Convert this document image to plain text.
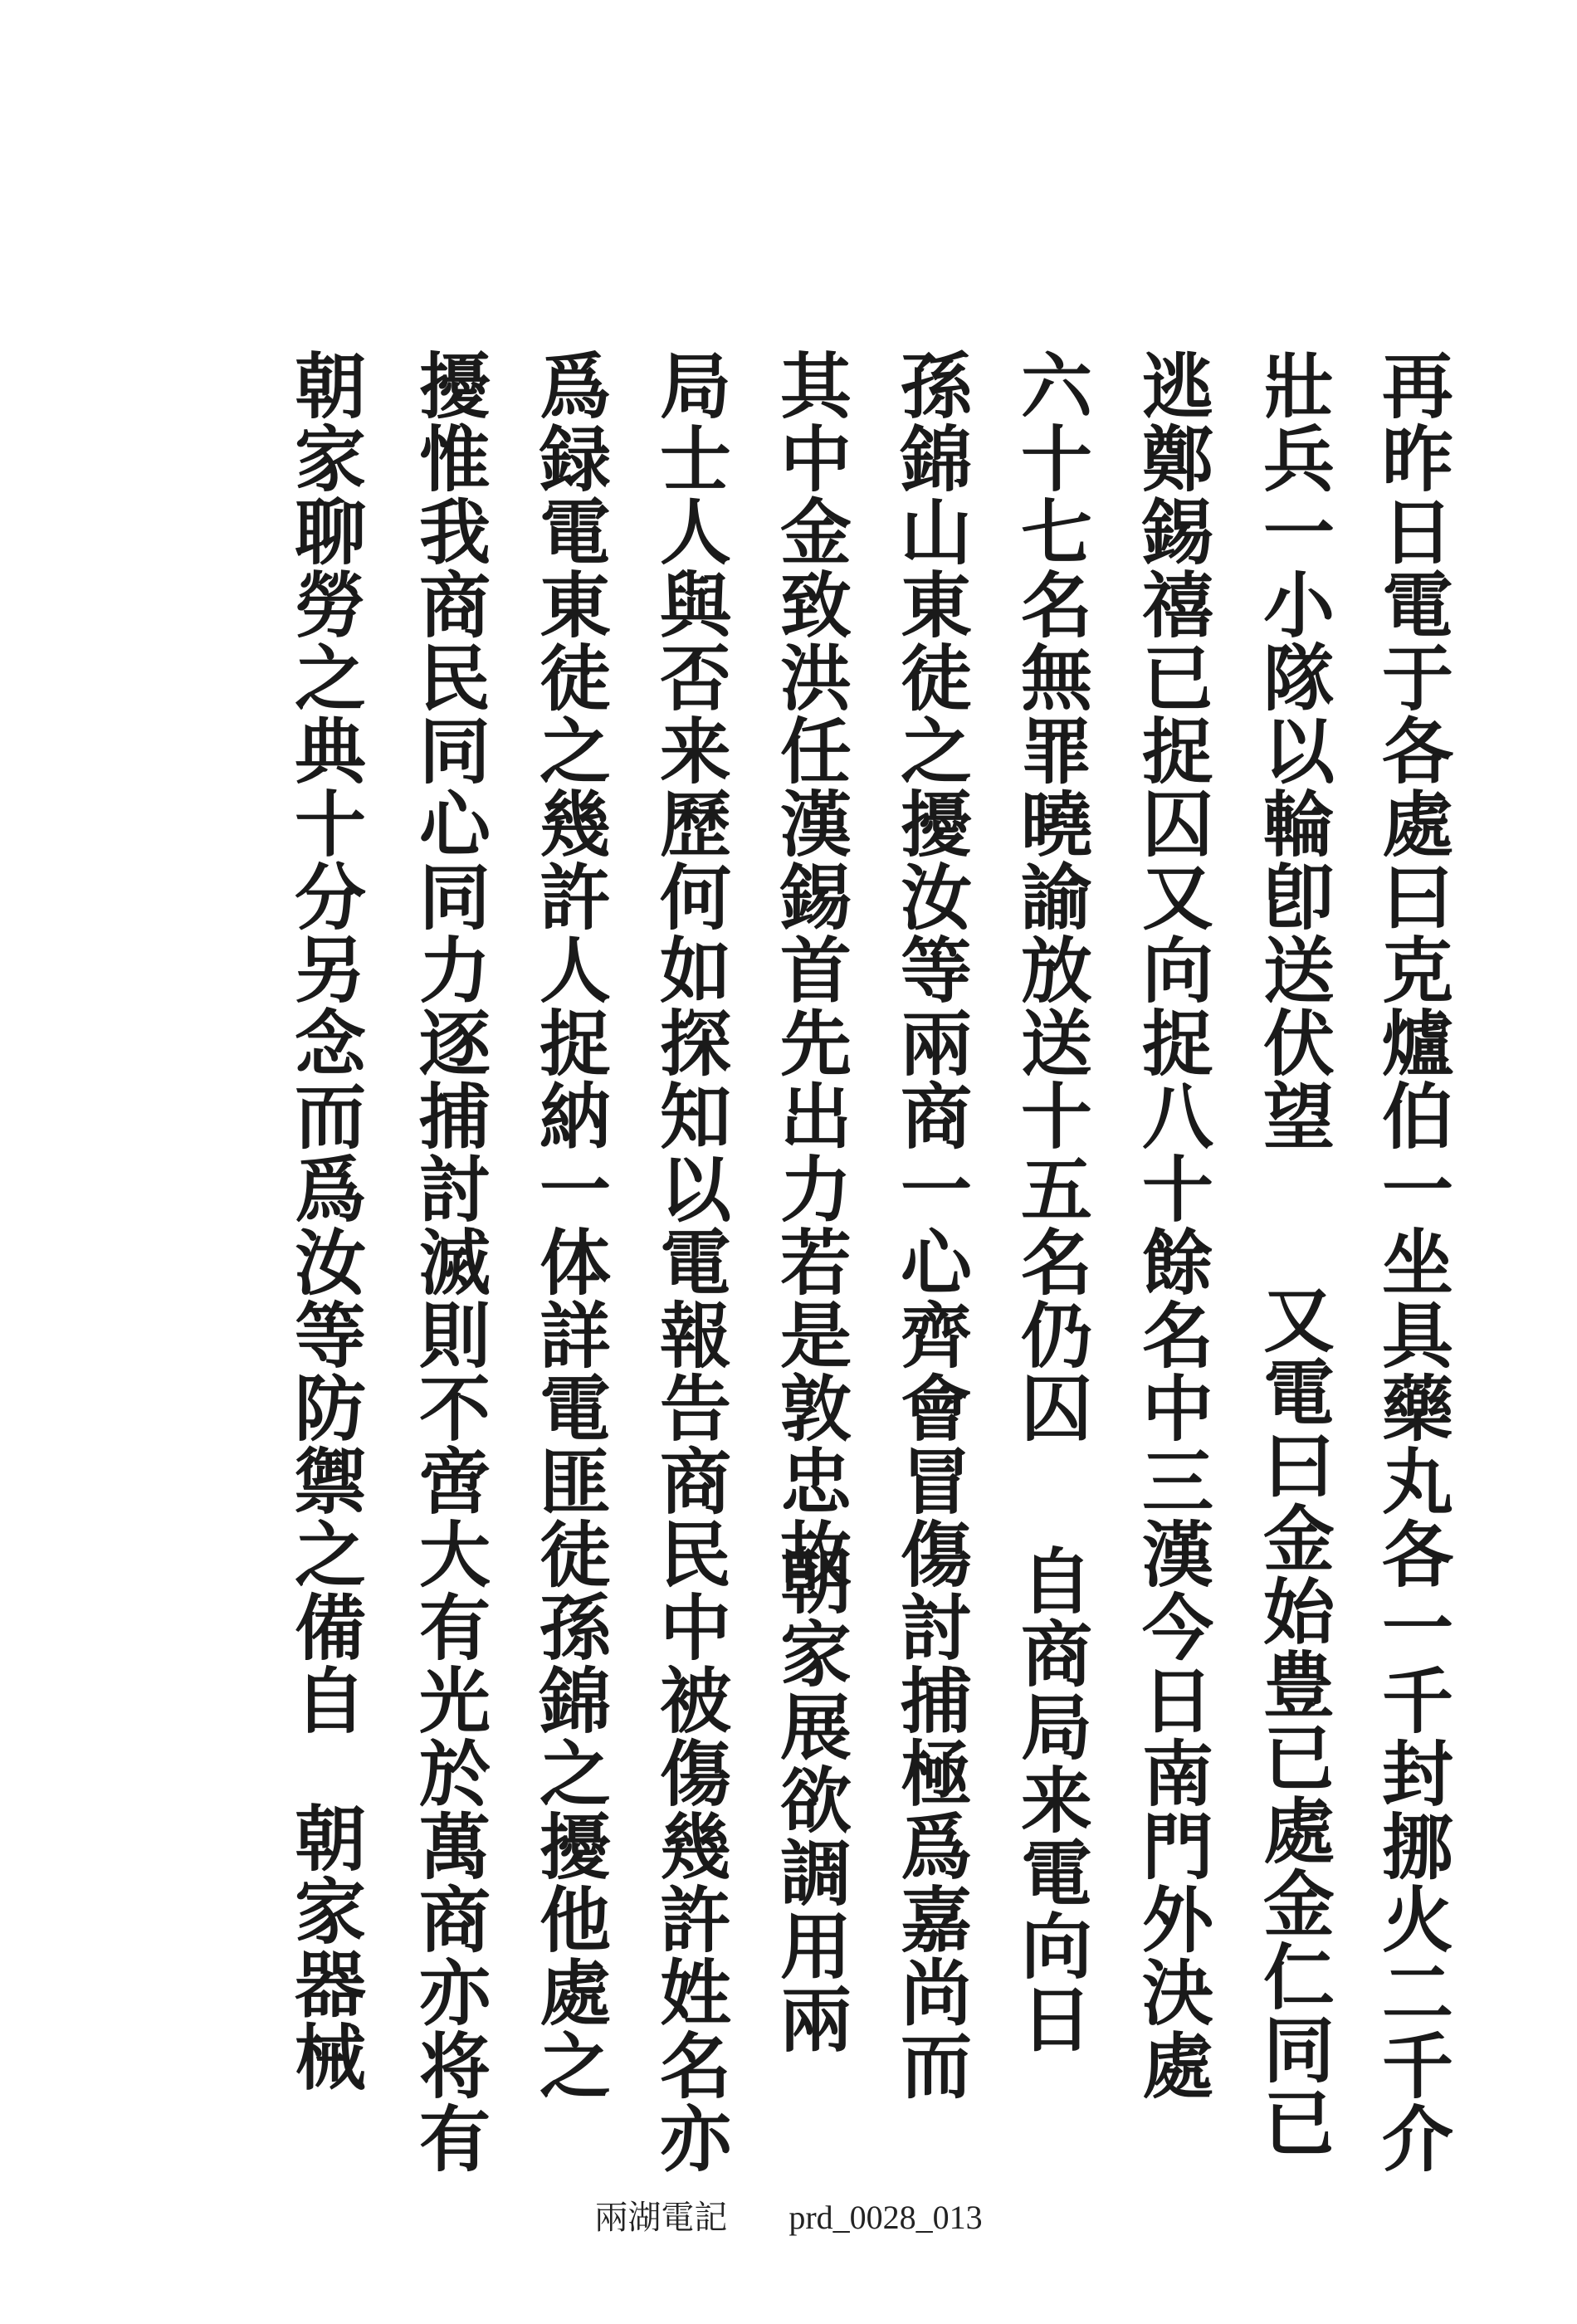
再昨日電于各處曰克爐伯一坐具藥丸各一千封挪火二千介
壯兵一小隊以輪卽送伏望
又電曰金始豊已處金仁同已
逃鄭錫禧已捉囚又向捉八十餘名中三漢今日南門外決處
六十七名無罪曉諭放送十五名仍囚
自商局来電向日
孫錦山東徒之擾汝等兩商一心齊會冒傷討捕極爲嘉尚而
其中金致洪任漢錫首先出力若是敦忠故
朝家展欲調用兩
局士人與否来歷何如探知以電報告商民中被傷幾許姓名亦
爲録電東徒之幾許人捉納一体詳電匪徒孫錦之擾他處之
擾惟我商民同心同力逐捕討滅則不啻大有光於萬商亦将有
朝家聊勞之典十分另念而爲汝等防禦之備自
朝家器械
兩湖電記 prd_0028_013
